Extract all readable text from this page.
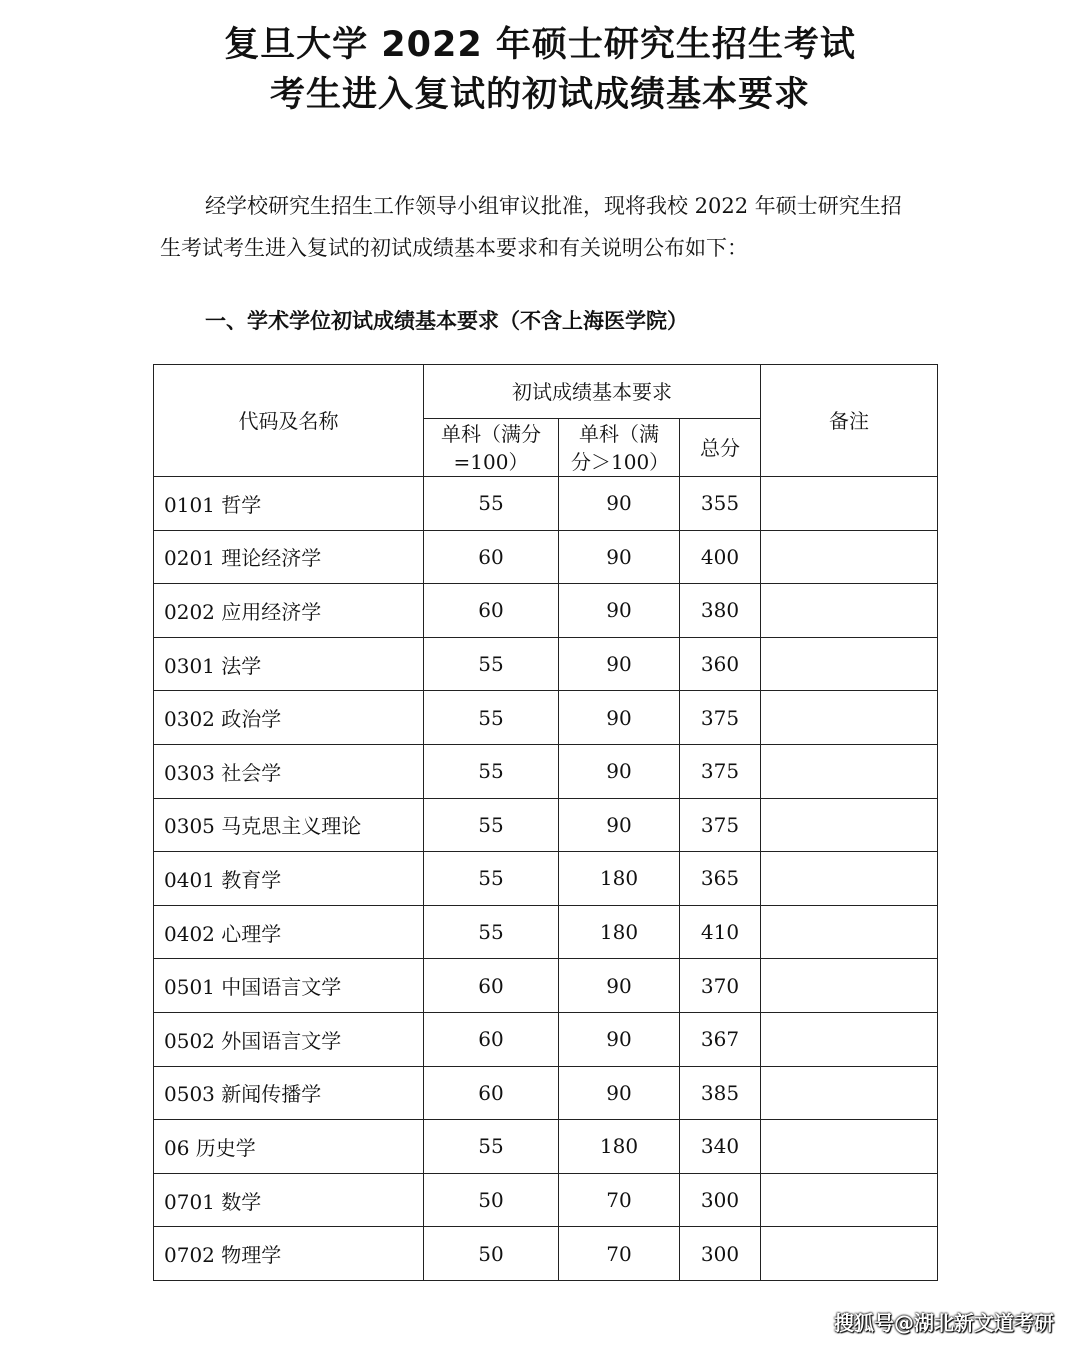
复旦大学 2022 年硕士研究生招生考试
考生进入复试的初试成绩基本要求
经学校研究生招生工作领导小组审议批准，现将我校 2022 年硕士研究生招
生考试考生进入复试的初试成绩基本要求和有关说明公布如下：
一、学术学位初试成绩基本要求（不含上海医学院）
代码及名称	初试成绩基本要求			备注
	单科（满分=100）	单科（满分＞100）	总分	
0101 哲学	55	90	355	
0201 理论经济学	60	90	400	
0202 应用经济学	60	90	380	
0301 法学	55	90	360	
0302 政治学	55	90	375	
0303 社会学	55	90	375	
0305 马克思主义理论	55	90	375	
0401 教育学	55	180	365	
0402 心理学	55	180	410	
0501 中国语言文学	60	90	370	
0502 外国语言文学	60	90	367	
0503 新闻传播学	60	90	385	
06 历史学	55	180	340	
0701 数学	50	70	300	
0702 物理学	50	70	300	
搜狐号@湖北新文道考研
